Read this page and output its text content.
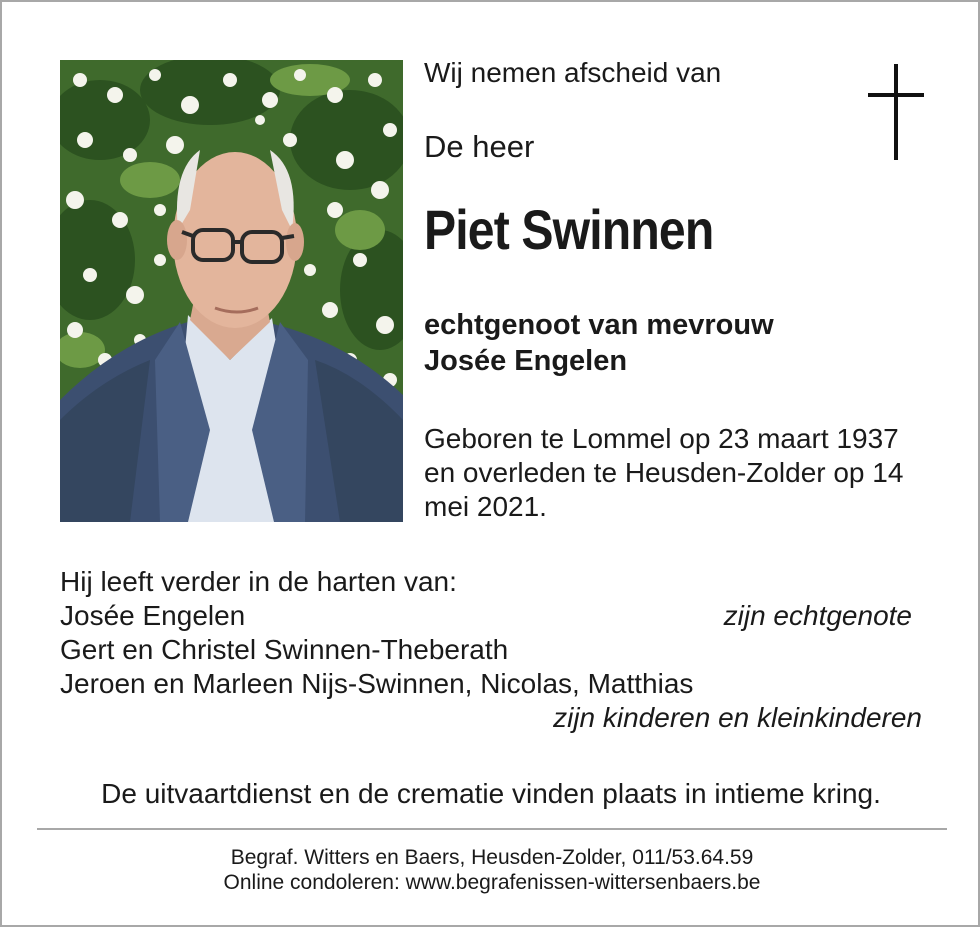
Wij nemen afscheid van

De heer

Piet Swinnen
echtgenoot van mevrouw
Josée Engelen

Geboren te Lommel op 23 maart 1937 en overleden te Heusden-Zolder op 14 mei 2021.

Hij leeft verder in de harten van:
Josée Engelen	zijn echtgenote
Gert en Christel Swinnen-Theberath
Jeroen en Marleen Nijs-Swinnen, Nicolas, Matthias
zijn kinderen en kleinkinderen

De uitvaartdienst en de crematie vinden plaats in intieme kring.

Begraf. Witters en Baers, Heusden-Zolder, 011/53.64.59
Online condoleren: www.begrafenissen-wittersenbaers.be
